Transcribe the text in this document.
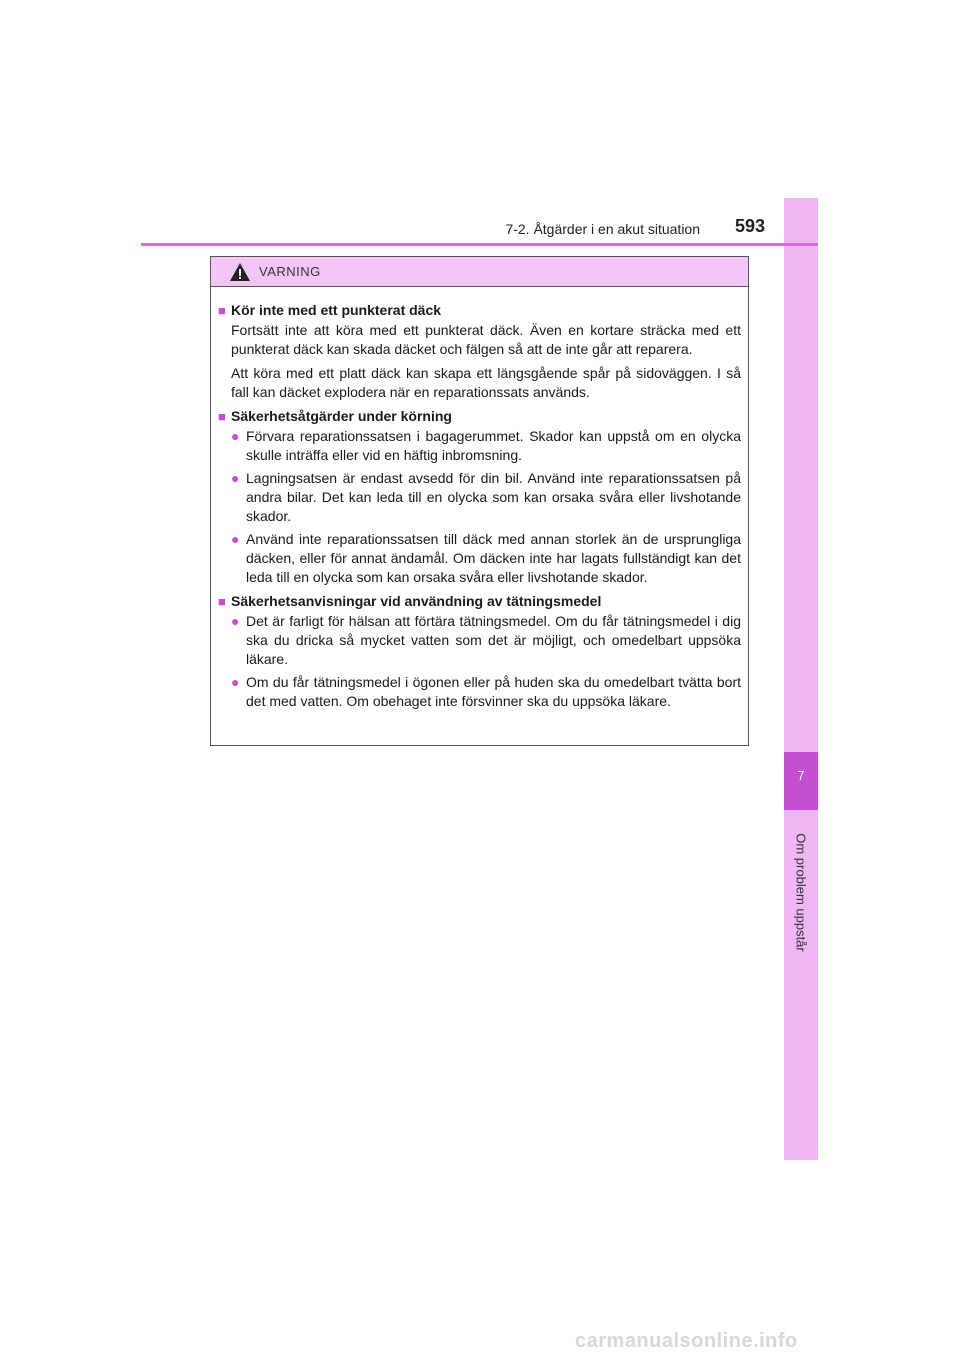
7
Om problem uppstår
7-2. Åtgärder i en akut situation 593
VARNING
■ Kör inte med ett punkterat däck

Fortsätt inte att köra med ett punkterat däck. Även en kortare sträcka med ett punkterat däck kan skada däcket och fälgen så att de inte går att reparera.

Att köra med ett platt däck kan skapa ett längsgående spår på sidoväggen. I så fall kan däcket explodera när en reparationssats används.

■ Säkerhetsåtgärder under körning
● Förvara reparationssatsen i bagagerummet. Skador kan uppstå om en olycka skulle inträffa eller vid en häftig inbromsning.
● Lagningsatsen är endast avsedd för din bil. Använd inte reparationssatsen på andra bilar. Det kan leda till en olycka som kan orsaka svåra eller livshotande skador.
● Använd inte reparationssatsen till däck med annan storlek än de ursprungliga däcken, eller för annat ändamål. Om däcken inte har lagats fullständigt kan det leda till en olycka som kan orsaka svåra eller livshotande skador.
■ Säkerhetsanvisningar vid användning av tätningsmedel
● Det är farligt för hälsan att förtära tätningsmedel. Om du får tätningsmedel i dig ska du dricka så mycket vatten som det är möjligt, och omedelbart uppsöka läkare.
● Om du får tätningsmedel i ögonen eller på huden ska du omedelbart tvätta bort det med vatten. Om obehaget inte försvinner ska du uppsöka läkare.
carmanualsonline.info
